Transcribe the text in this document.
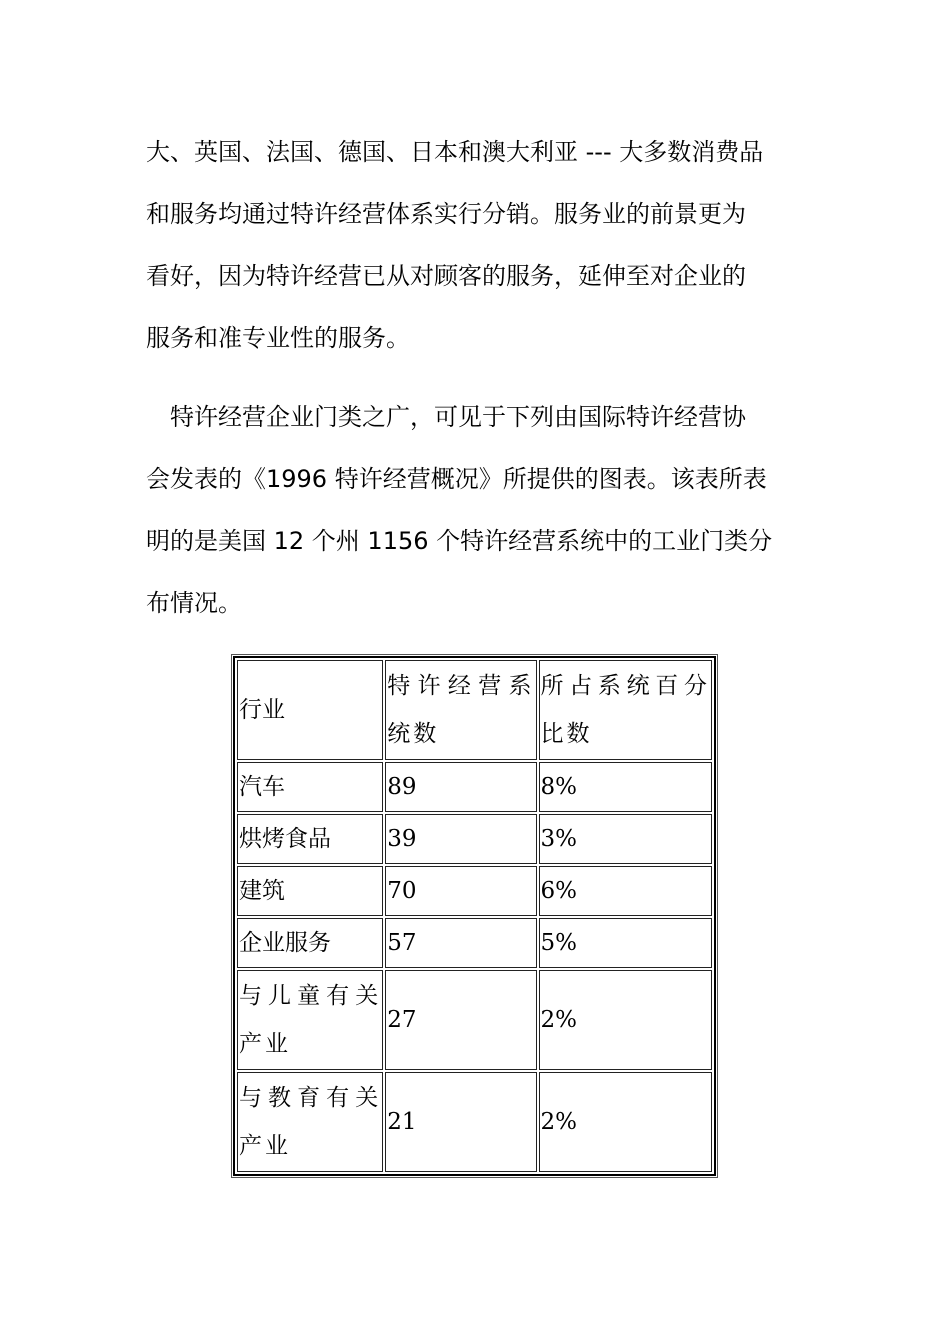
大、英国、法国、德国、日本和澳大利亚 --- 大多数消费品

和服务均通过特许经营体系实行分销。服务业的前景更为

看好，因为特许经营已从对顾客的服务，延伸至对企业的

服务和准专业性的服务。

　特许经营企业门类之广，可见于下列由国际特许经营协

会发表的《1996 特许经营概况》所提供的图表。该表所表

明的是美国 12 个州 1156 个特许经营系统中的工业门类分

布情况。

行业	特许经营系统数	所占系统百分比数
汽车	89	8%
烘烤食品	39	3%
建筑	70	6%
企业服务	57	5%
与儿童有关产业	27	2%
与教育有关产业	21	2%
